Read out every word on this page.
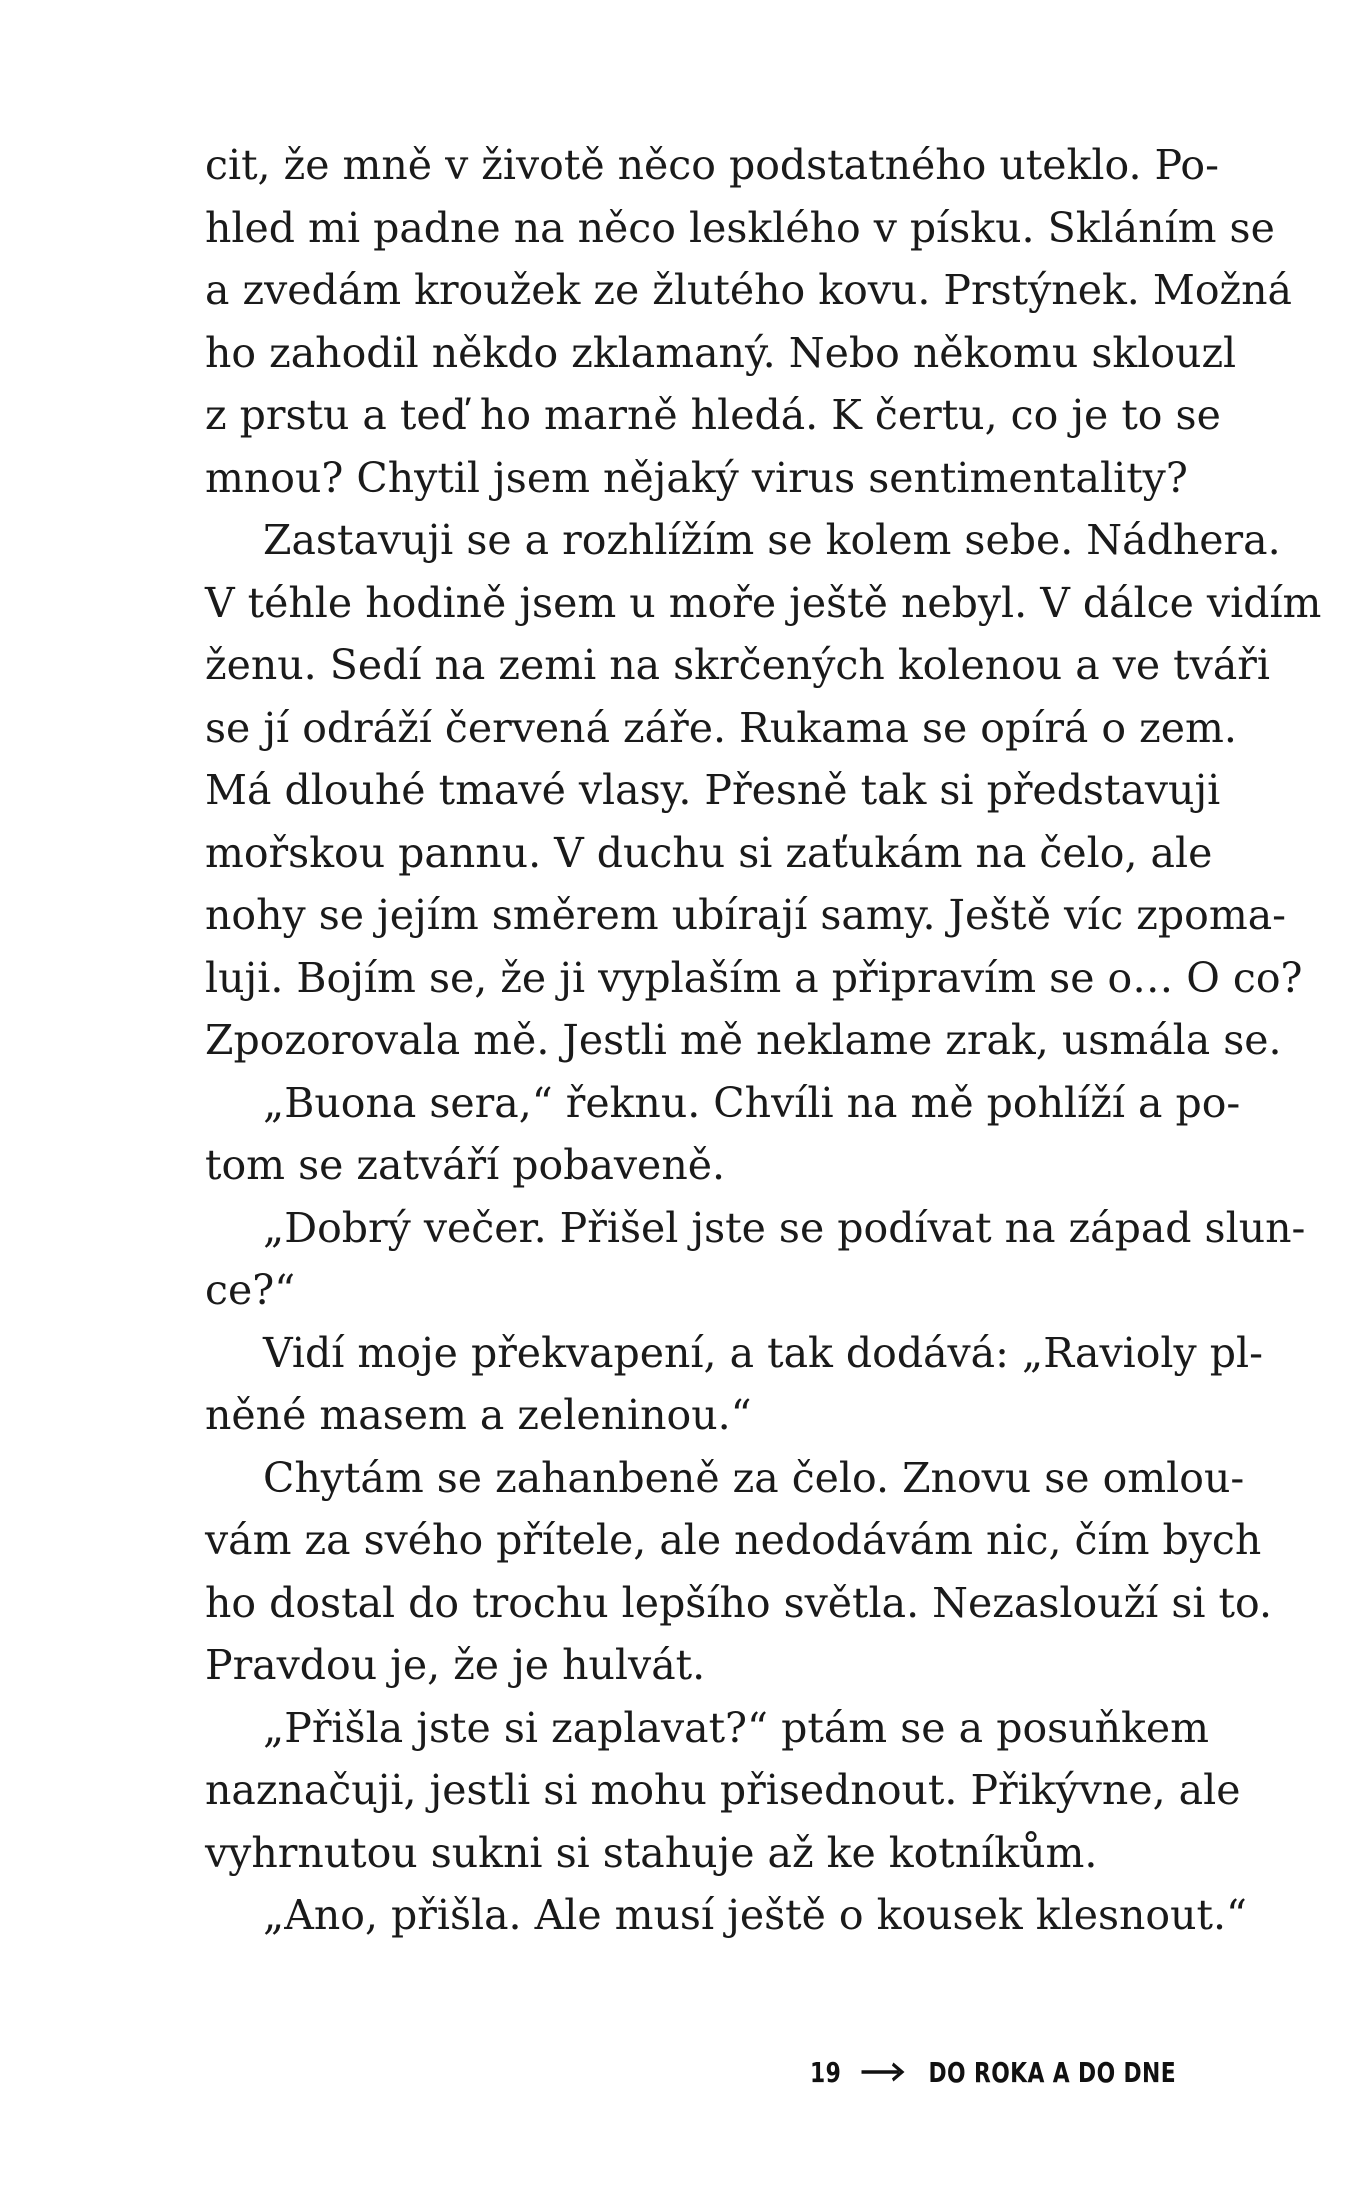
cit, že mně v životě něco podstatného uteklo. Po-
hled mi padne na něco lesklého v písku. Skláním se
a zvedám kroužek ze žlutého kovu. Prstýnek. Možná
ho zahodil někdo zklamaný. Nebo někomu sklouzl
z prstu a teď ho marně hledá. K čertu, co je to se
mnou? Chytil jsem nějaký virus sentimentality?
Zastavuji se a rozhlížím se kolem sebe. Nádhera.
V téhle hodině jsem u moře ještě nebyl. V dálce vidím
ženu. Sedí na zemi na skrčených kolenou a ve tváři
se jí odráží červená záře. Rukama se opírá o zem.
Má dlouhé tmavé vlasy. Přesně tak si představuji
mořskou pannu. V duchu si zaťukám na čelo, ale
nohy se jejím směrem ubírají samy. Ještě víc zpoma-
luji. Bojím se, že ji vyplaším a připravím se o… O co?
Zpozorovala mě. Jestli mě neklame zrak, usmála se.
„Buona sera,“ řeknu. Chvíli na mě pohlíží a po-
tom se zatváří pobaveně.
„Dobrý večer. Přišel jste se podívat na západ slun-
ce?“
Vidí moje překvapení, a tak dodává: „Ravioly pl-
něné masem a zeleninou.“
Chytám se zahanbeně za čelo. Znovu se omlou-
vám za svého přítele, ale nedodávám nic, čím bych
ho dostal do trochu lepšího světla. Nezaslouží si to.
Pravdou je, že je hulvát.
„Přišla jste si zaplavat?“ ptám se a posuňkem
naznačuji, jestli si mohu přisednout. Přikývne, ale
vyhrnutou sukni si stahuje až ke kotníkům.
„Ano, přišla. Ale musí ještě o kousek klesnout.“
19	DO ROKA A DO DNE
